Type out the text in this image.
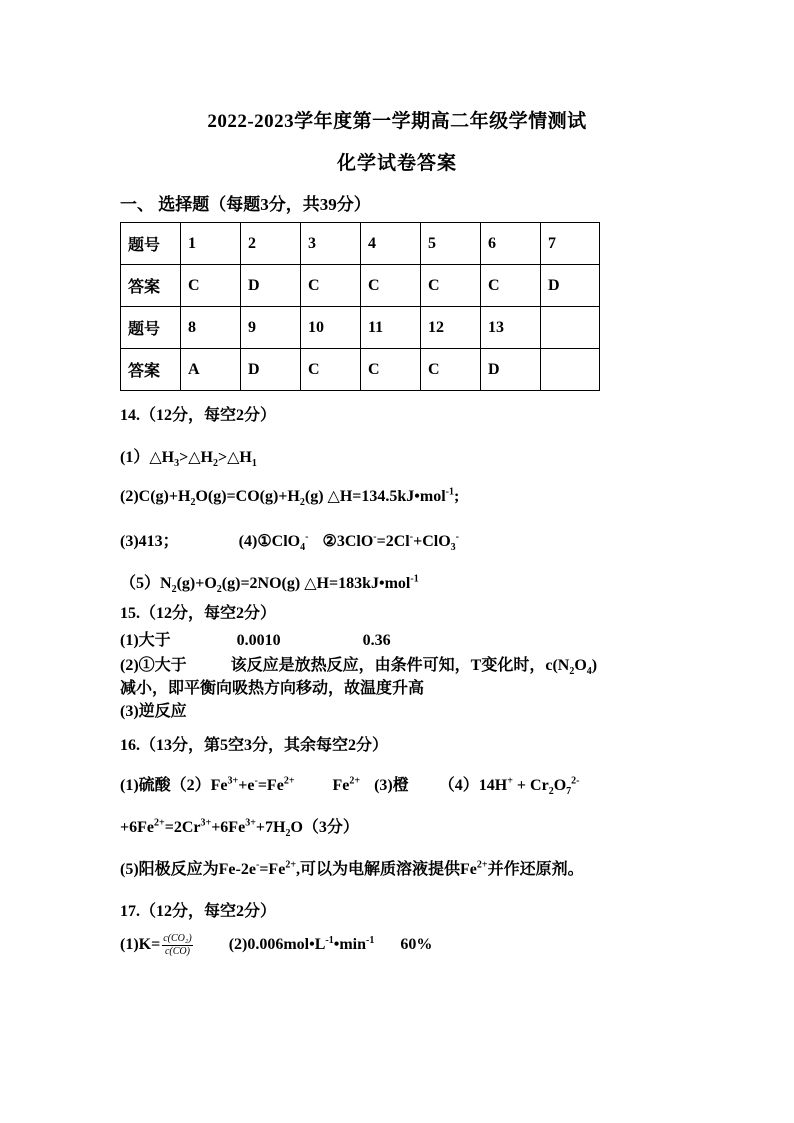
2022-2023学年度第一学期高二年级学情测试
化学试卷答案
一、 选择题（每题3分，共39分）
题号	1	2	3	4	5	6	7
答案	C	D	C	C	C	C	D
题号	8	9	10	11	12	13	
答案	A	D	C	C	C	D	
14.（12分，每空2分）
$(1)\triangle H_3>\triangle H_2>\triangle H_1$
$(2)C(g)+H_2O(g)=CO(g)+H_2(g)$ △H=134.5kJ•mol$^{-1}$;
(3)413；	(4)①ClO$_4$- ②3ClO-=2Cl-+ClO$_3$-
$(5)N_2(g)+O_2(g)=2NO(g)$ △H=183kJ•mol$^{-1}$
15.（12分，每空2分）
(1)大于	0.0010	0.36
(2)①大于	该反应是放热反应，由条件可知，T变化时，$c(N_2O_4)$
减小，即平衡向吸热方向移动，故温度升高
(3)逆反应
16.（13分，第5空3分，其余每空2分）
(1)硫酸$(2)Fe^{3+}+e^-=Fe^{2+}$ $Fe^{2+}$ (3)橙 $(4)14H^+ + Cr_2O_7^{2-}$
$+6Fe^{2+}=2Cr^{3+}+6Fe^{3+}+7H_2O(3$分）
(5)阳极反应为$Fe-2e^-=Fe^{2+}$,可以为电解质溶液提供$Fe^{2+}$并作还原剂。
17.（12分，每空2分）
$(1)K= \frac{\text{c(CO₂)}}{c(CO)}$ $(2)0.006mol•L^{-1}•\min^{-1}$ 60%
